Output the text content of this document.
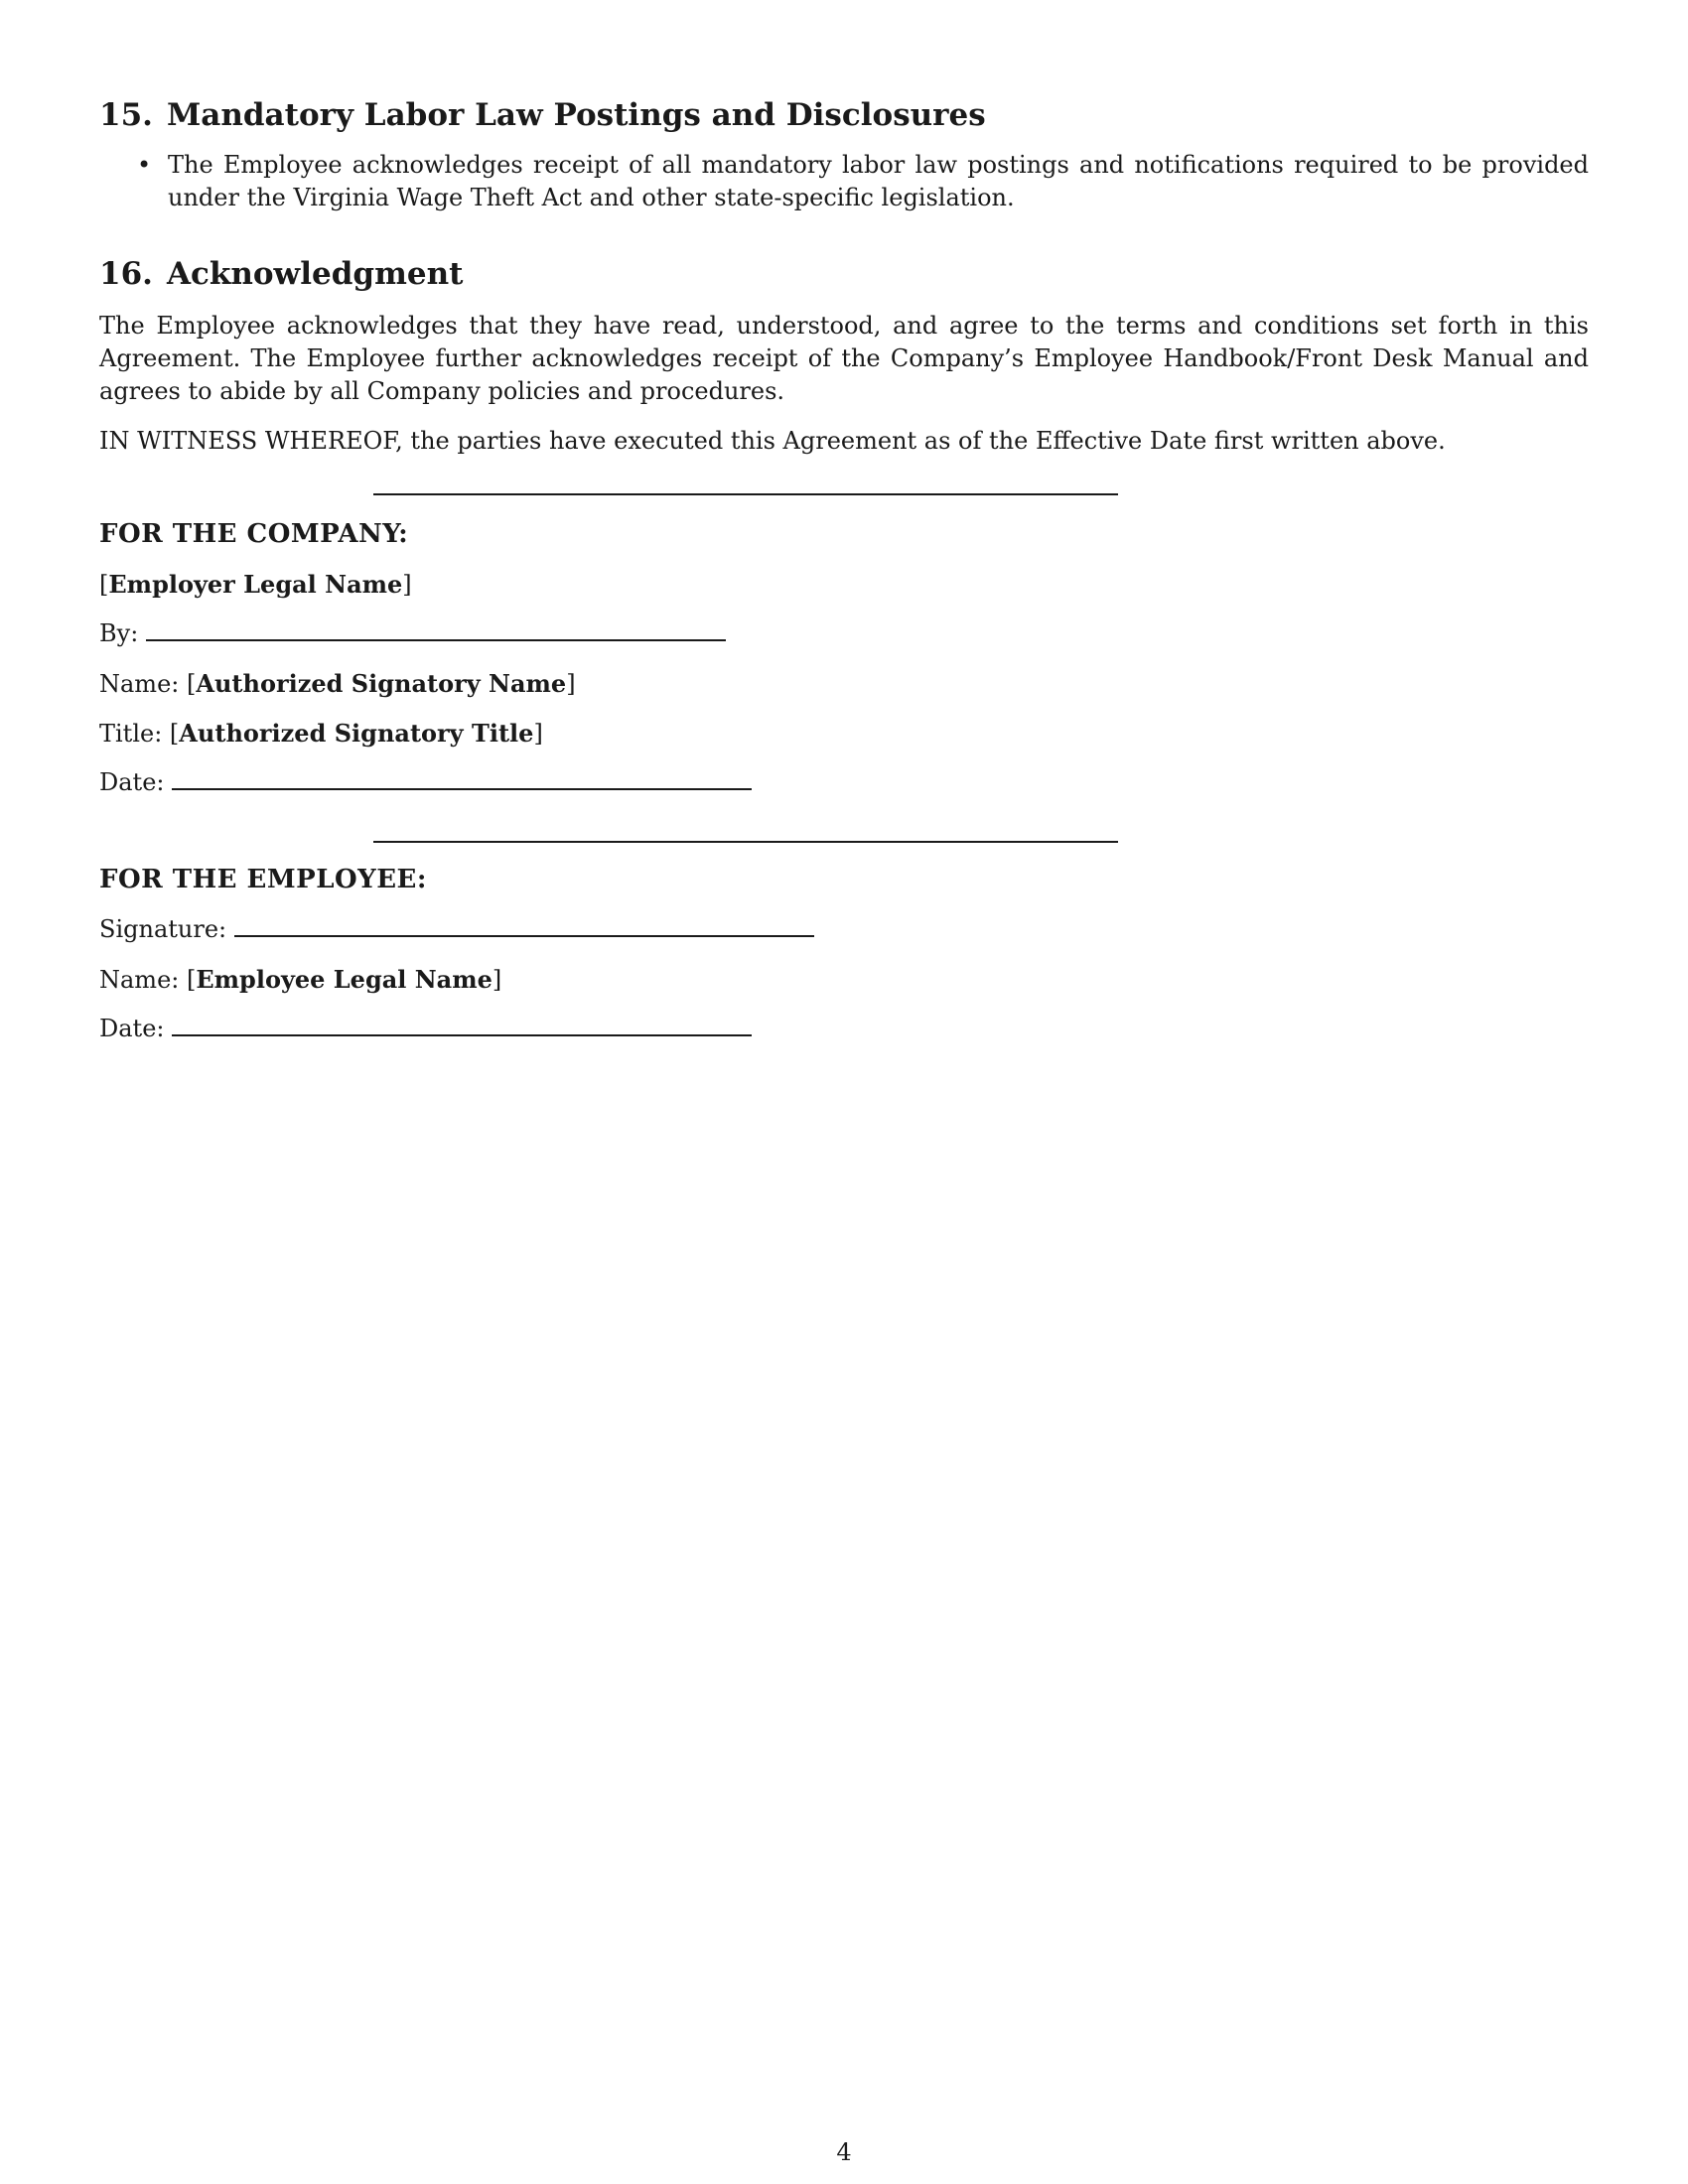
15. Mandatory Labor Law Postings and Disclosures
• The Employee acknowledges receipt of all mandatory labor law postings and notifications required to be provided under the Virginia Wage Theft Act and other state-specific legislation.
16. Acknowledgment

The Employee acknowledges that they have read, understood, and agree to the terms and conditions set forth in this Agreement. The Employee further acknowledges receipt of the Company’s Employee Handbook/Front Desk Manual and agrees to abide by all Company policies and procedures.

IN WITNESS WHEREOF, the parties have executed this Agreement as of the Effective Date first written above.

FOR THE COMPANY:
[Employer Legal Name]
By:
Name: [Authorized Signatory Name]
Title: [Authorized Signatory Title]
Date:
FOR THE EMPLOYEE:
Signature:
Name: [Employee Legal Name]
Date:
4
